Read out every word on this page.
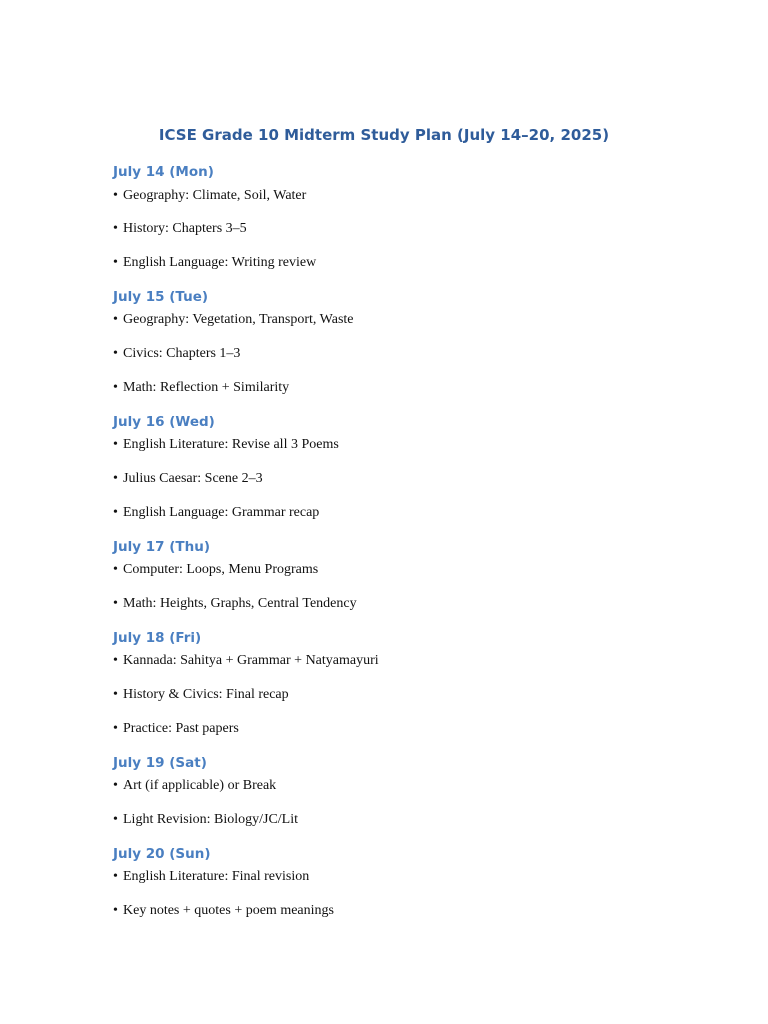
ICSE Grade 10 Midterm Study Plan (July 14–20, 2025)
July 14 (Mon)
• Geography: Climate, Soil, Water
• History: Chapters 3–5
• English Language: Writing review
July 15 (Tue)
• Geography: Vegetation, Transport, Waste
• Civics: Chapters 1–3
• Math: Reflection + Similarity
July 16 (Wed)
• English Literature: Revise all 3 Poems
• Julius Caesar: Scene 2–3
• English Language: Grammar recap
July 17 (Thu)
• Computer: Loops, Menu Programs
• Math: Heights, Graphs, Central Tendency
July 18 (Fri)
• Kannada: Sahitya + Grammar + Natyamayuri
• History & Civics: Final recap
• Practice: Past papers
July 19 (Sat)
• Art (if applicable) or Break
• Light Revision: Biology/JC/Lit
July 20 (Sun)
• English Literature: Final revision
• Key notes + quotes + poem meanings
